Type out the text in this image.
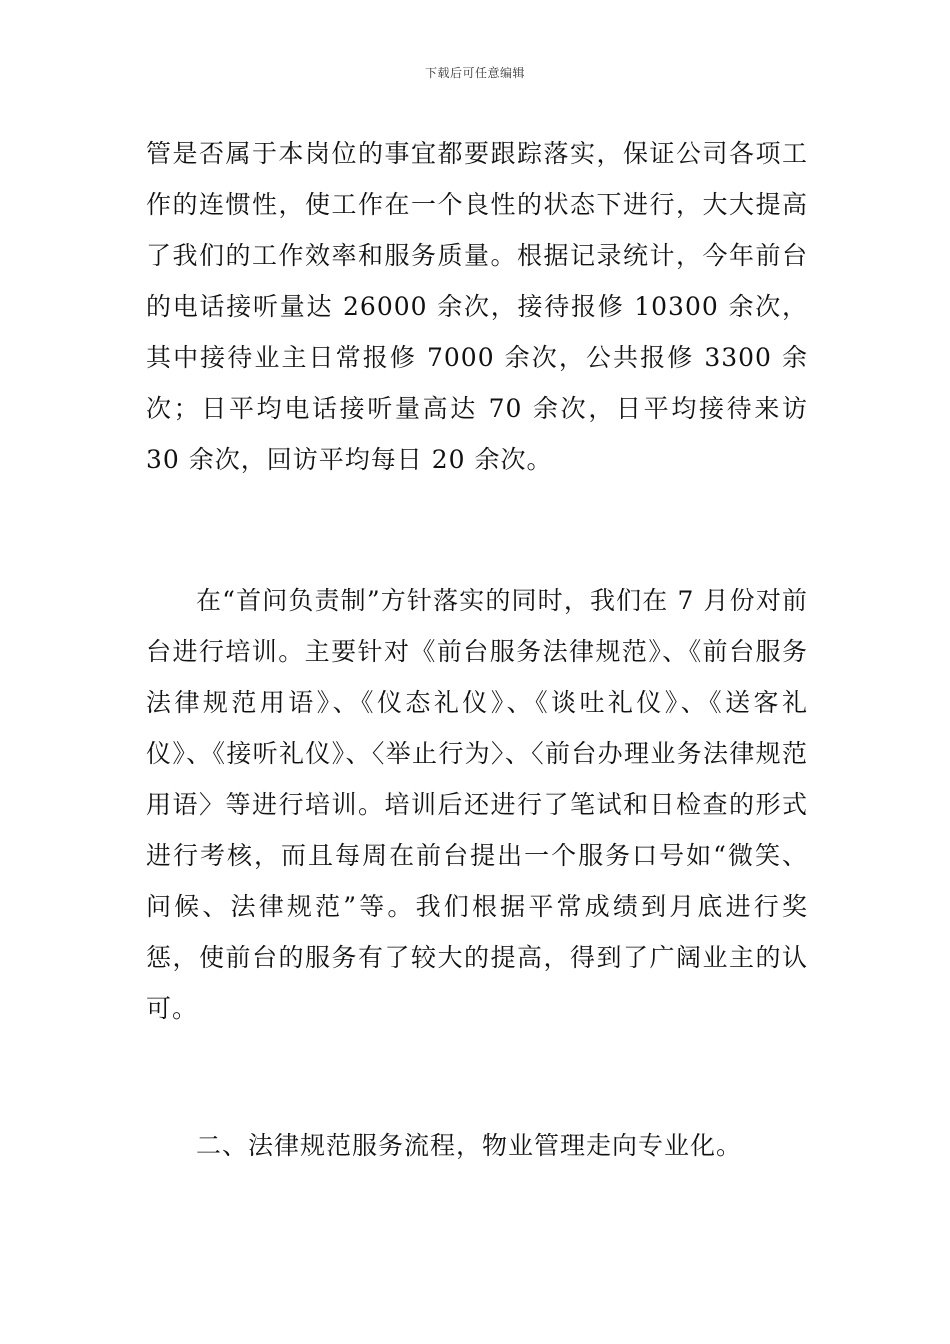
下载后可任意编辑

管是否属于本岗位的事宜都要跟踪落实，保证公司各项工作的连惯性，使工作在一个良性的状态下进行，大大提高了我们的工作效率和服务质量。根据记录统计，今年前台的电话接听量达 26000 余次，接待报修 10300 余次，其中接待业主日常报修 7000 余次，公共报修 3300 余次；日平均电话接听量高达 70 余次，日平均接待来访 30 余次，回访平均每日 20 余次。

在“首问负责制”方针落实的同时，我们在 7 月份对前台进行培训。主要针对《前台服务法律规范》、《前台服务法律规范用语》、《仪态礼仪》、《谈吐礼仪》、《送客礼仪》、《接听礼仪》、〈举止行为〉、〈前台办理业务法律规范用语〉等进行培训。培训后还进行了笔试和日检查的形式进行考核，而且每周在前台提出一个服务口号如“微笑、问候、法律规范”等。我们根据平常成绩到月底进行奖惩，使前台的服务有了较大的提高，得到了广阔业主的认可。

二、法律规范服务流程，物业管理走向专业化。
